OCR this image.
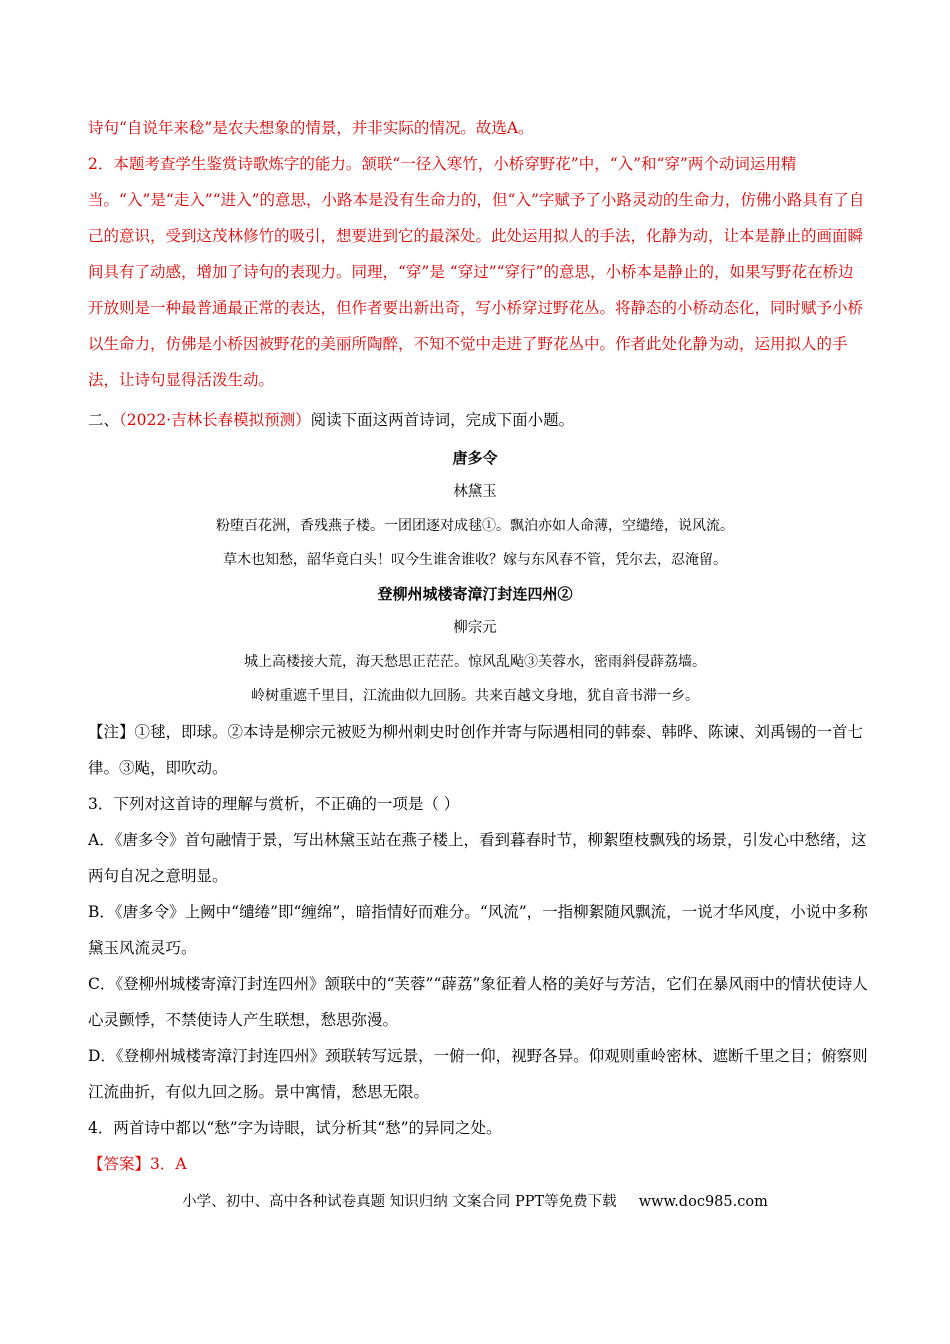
诗句“自说年来稔”是农夫想象的情景，并非实际的情况。故选A。

2．本题考查学生鉴赏诗歌炼字的能力。颔联“一径入寒竹，小桥穿野花”中，“入”和“穿”两个动词运用精当。“入”是“走入”“进入”的意思，小路本是没有生命力的，但“入”字赋予了小路灵动的生命力，仿佛小路具有了自己的意识，受到这茂林修竹的吸引，想要进到它的最深处。此处运用拟人的手法，化静为动，让本是静止的画面瞬间具有了动感，增加了诗句的表现力。同理，“穿”是 “穿过”“穿行”的意思，小桥本是静止的，如果写野花在桥边开放则是一种最普通最正常的表达，但作者要出新出奇，写小桥穿过野花丛。将静态的小桥动态化，同时赋予小桥以生命力，仿佛是小桥因被野花的美丽所陶醉，不知不觉中走进了野花丛中。作者此处化静为动，运用拟人的手法，让诗句显得活泼生动。

二、（2022·吉林长春模拟预测）阅读下面这两首诗词，完成下面小题。

唐多令

林黛玉

粉堕百花洲，香残燕子楼。一团团逐对成毬①。飘泊亦如人命薄，空缱绻，说风流。

草木也知愁，韶华竟白头！叹今生谁舍谁收？嫁与东风春不管，凭尔去，忍淹留。

登柳州城楼寄漳汀封连四州②

柳宗元

城上高楼接大荒，海天愁思正茫茫。惊风乱飐③芙蓉水，密雨斜侵薜荔墙。

岭树重遮千里目，江流曲似九回肠。共来百越文身地，犹自音书滞一乡。

【注】①毬，即球。②本诗是柳宗元被贬为柳州刺史时创作并寄与际遇相同的韩泰、韩晔、陈谏、刘禹锡的一首七律。③飐，即吹动。

3．下列对这首诗的理解与赏析，不正确的一项是（ ）

A．《唐多令》首句融情于景，写出林黛玉站在燕子楼上，看到暮春时节，柳絮堕枝飘残的场景，引发心中愁绪，这两句自况之意明显。

B．《唐多令》上阙中“缱绻”即“缠绵”，暗指情好而难分。“风流”，一指柳絮随风飘流，一说才华风度，小说中多称黛玉风流灵巧。

C．《登柳州城楼寄漳汀封连四州》颔联中的“芙蓉”“薜荔”象征着人格的美好与芳洁，它们在暴风雨中的情状使诗人心灵颤悸，不禁使诗人产生联想，愁思弥漫。

D．《登柳州城楼寄漳汀封连四州》颈联转写远景，一俯一仰，视野各异。仰观则重岭密林、遮断千里之目；俯察则江流曲折，有似九回之肠。景中寓情，愁思无限。

4．两首诗中都以“愁”字为诗眼，试分析其“愁”的异同之处。

【答案】3．A

小学、初中、高中各种试卷真题 知识归纳 文案合同 PPT等免费下载 www.doc985.com
